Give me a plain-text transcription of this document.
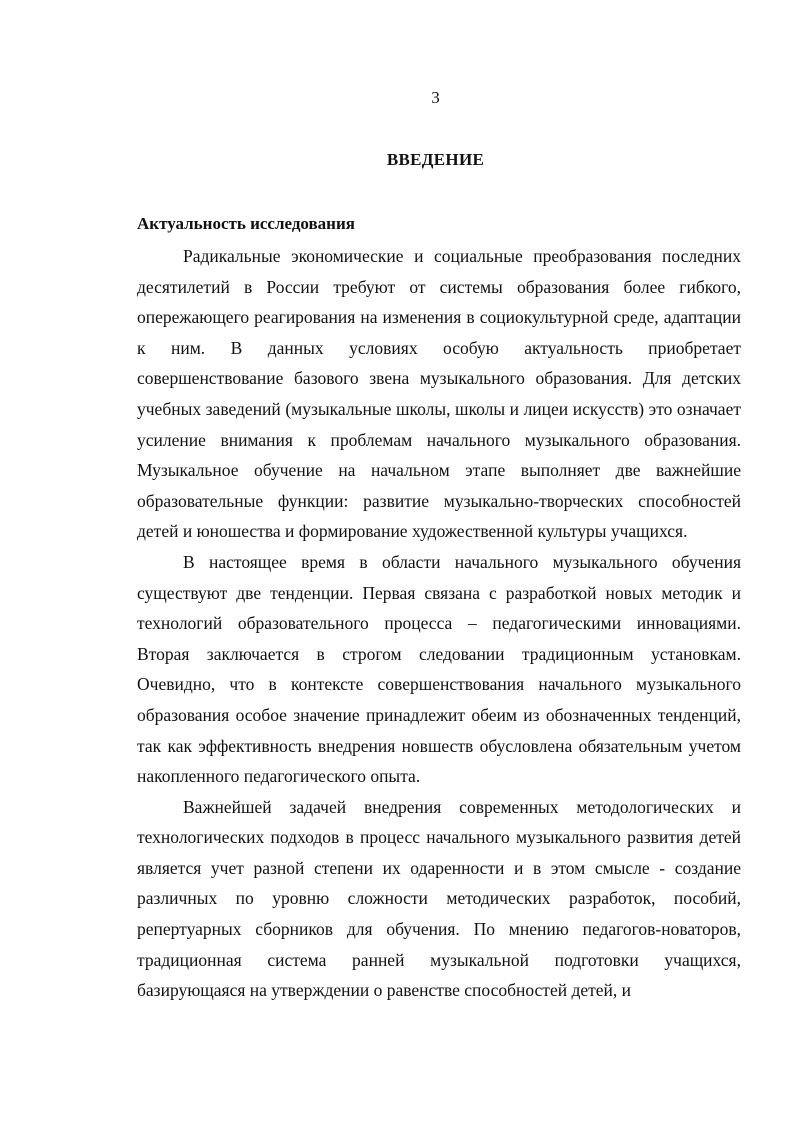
3
ВВЕДЕНИЕ
Актуальность исследования

Радикальные экономические и социальные преобразования последних десятилетий в России требуют от системы образования более гибкого, опережающего реагирования на изменения в социокультурной среде, адаптации к ним. В данных условиях особую актуальность приобретает совершенствование базового звена музыкального образования. Для детских учебных заведений (музыкальные школы, школы и лицеи искусств) это означает усиление внимания к проблемам начального музыкального образования. Музыкальное обучение на начальном этапе выполняет две важнейшие образовательные функции: развитие музыкально-творческих способностей детей и юношества и формирование художественной культуры учащихся.

В настоящее время в области начального музыкального обучения существуют две тенденции. Первая связана с разработкой новых методик и технологий образовательного процесса – педагогическими инновациями. Вторая заключается в строгом следовании традиционным установкам. Очевидно, что в контексте совершенствования начального музыкального образования особое значение принадлежит обеим из обозначенных тенденций, так как эффективность внедрения новшеств обусловлена обязательным учетом накопленного педагогического опыта.

Важнейшей задачей внедрения современных методологических и технологических подходов в процесс начального музыкального развития детей является учет разной степени их одаренности и в этом смысле - создание различных по уровню сложности методических разработок, пособий, репертуарных сборников для обучения. По мнению педагогов-новаторов, традиционная система ранней музыкальной подготовки учащихся, базирующаяся на утверждении о равенстве способностей детей, и
